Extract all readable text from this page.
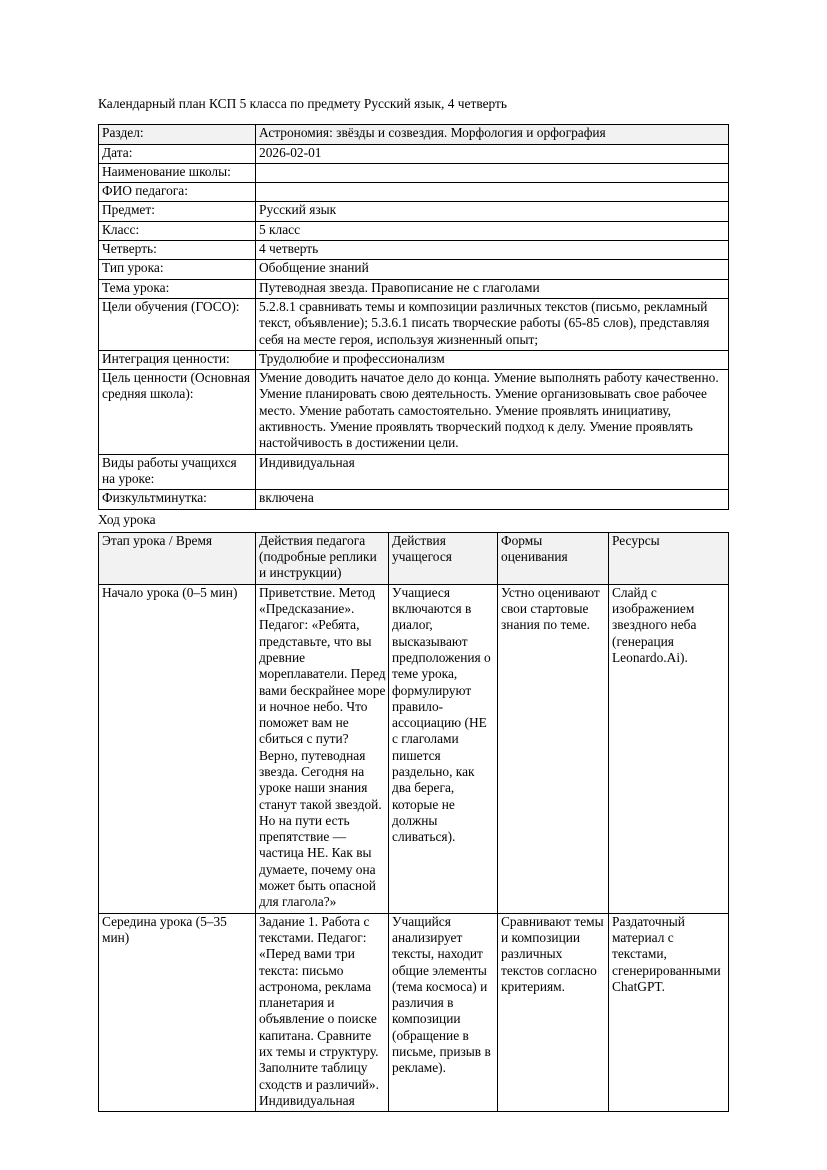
Календарный план КСП 5 класса по предмету Русский язык, 4 четверть

Раздел:	Астрономия: звёзды и созвездия. Морфология и орфография
Дата:	2026-02-01
Наименование школы:	
ФИО педагога:	
Предмет:	Русский язык
Класс:	5 класс
Четверть:	4 четверть
Тип урока:	Обобщение знаний
Тема урока:	Путеводная звезда. Правописание не с глаголами
Цели обучения (ГОСО):	5.2.8.1 сравнивать темы и композиции различных текстов (письмо, рекламный текст, объявление); 5.3.6.1 писать творческие работы (65-85 слов), представляя себя на месте героя, используя жизненный опыт;
Интеграция ценности:	Трудолюбие и профессионализм
Цель ценности (Основная средняя школа):	Умение доводить начатое дело до конца. Умение выполнять работу качественно. Умение планировать свою деятельность. Умение организовывать свое рабочее место. Умение работать самостоятельно. Умение проявлять инициативу, активность. Умение проявлять творческий подход к делу. Умение проявлять настойчивость в достижении цели.
Виды работы учащихся на уроке:	Индивидуальная
Физкультминутка:	включена

Ход урока

Этап урока / Время	Действия педагога (подробные реплики и инструкции)	Действия учащегося	Формы оценивания	Ресурсы
Начало урока (0–5 мин)	Приветствие. Метод «Предсказание». Педагог: «Ребята, представьте, что вы древние мореплаватели. Перед вами бескрайнее море и ночное небо. Что поможет вам не сбиться с пути? Верно, путеводная звезда. Сегодня на уроке наши знания станут такой звездой. Но на пути есть препятствие — частица НЕ. Как вы думаете, почему она может быть опасной для глагола?»	Учащиеся включаются в диалог, высказывают предположения о теме урока, формулируют правило-ассоциацию (НЕ с глаголами пишется раздельно, как два берега, которые не должны сливаться).	Устно оценивают свои стартовые знания по теме.	Слайд с изображением звездного неба (генерация Leonardo.Ai).
Середина урока (5–35 мин)	Задание 1. Работа с текстами. Педагог: «Перед вами три текста: письмо астронома, реклама планетария и объявление о поиске капитана. Сравните их темы и структуру. Заполните таблицу сходств и различий». Индивидуальная	Учащийся анализирует тексты, находит общие элементы (тема космоса) и различия в композиции (обращение в письме, призыв в рекламе).	Сравнивают темы и композиции различных текстов согласно критериям.	Раздаточный материал с текстами, сгенерированными ChatGPT.
